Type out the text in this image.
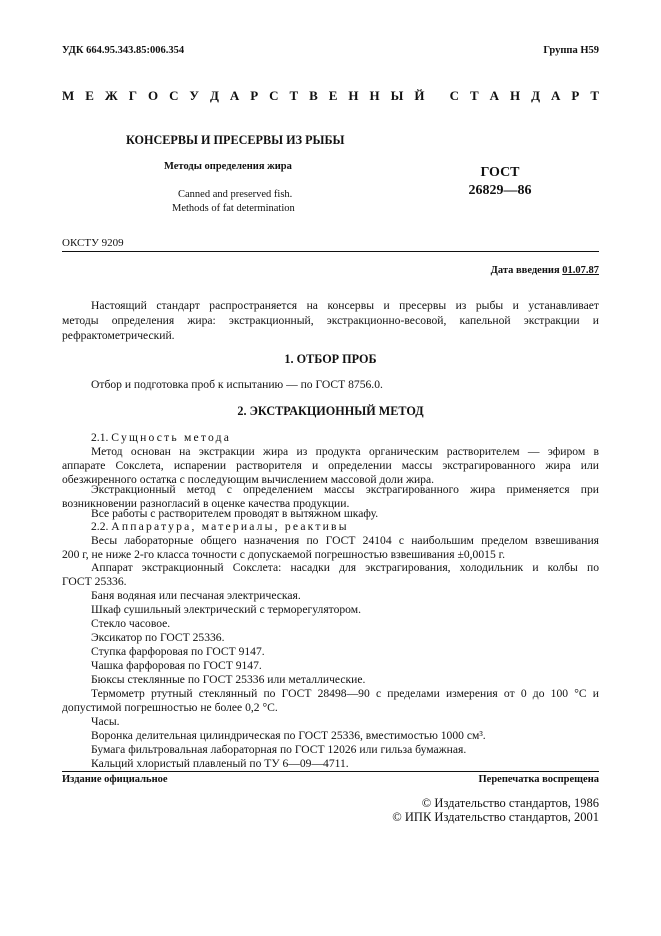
УДК 664.95.343.85:006.354	Группа Н59
М Е Ж Г О С У Д А Р С Т В Е Н Н Ы Й
С Т А Н Д А Р Т
КОНСЕРВЫ И ПРЕСЕРВЫ ИЗ РЫБЫ
Методы определения жира
Canned and preserved fish.
Methods of fat determination
ГОСТ
26829—86
ОКСТУ 9209
Дата введения 01.07.87
Настоящий стандарт распространяется на консервы и пресервы из рыбы и устанавливает
методы определения жира: экстракционный, экстракционно-весовой, капельной экстракции и
рефрактометрический.
1. ОТБОР ПРОБ
Отбор и подготовка проб к испытанию — по ГОСТ 8756.0.
2. ЭКСТРАКЦИОННЫЙ МЕТОД
2.1. Сущность метода
Метод основан на экстракции жира из продукта органическим растворителем — эфиром в
аппарате Сокслета, испарении растворителя и определении массы экстрагированного жира или
обезжиренного остатка с последующим вычислением массовой доли жира.
Экстракционный метод с определением массы экстрагированного жира применяется при
возникновении разногласий в оценке качества продукции.
Все работы с растворителем проводят в вытяжном шкафу.
2.2. Аппаратура, материалы, реактивы
Весы лабораторные общего назначения по ГОСТ 24104 с наибольшим пределом взвешивания
200 г, не ниже 2-го класса точности с допускаемой погрешностью взвешивания ±0,0015 г.
Аппарат экстракционный Сокслета: насадки для экстрагирования, холодильник и колбы по
ГОСТ 25336.
Баня водяная или песчаная электрическая.
Шкаф сушильный электрический с терморегулятором.
Стекло часовое.
Эксикатор по ГОСТ 25336.
Ступка фарфоровая по ГОСТ 9147.
Чашка фарфоровая по ГОСТ 9147.
Бюксы стеклянные по ГОСТ 25336 или металлические.
Термометр ртутный стеклянный по ГОСТ 28498—90 с пределами измерения от 0 до 100 °С и
допустимой погрешностью не более 0,2 °С.
Часы.
Воронка делительная цилиндрическая по ГОСТ 25336, вместимостью 1000 см³.
Бумага фильтровальная лабораторная по ГОСТ 12026 или гильза бумажная.
Кальций хлористый плавленый по ТУ 6—09—4711.
Издание официальное	Перепечатка воспрещена
© Издательство стандартов, 1986
© ИПК Издательство стандартов, 2001
